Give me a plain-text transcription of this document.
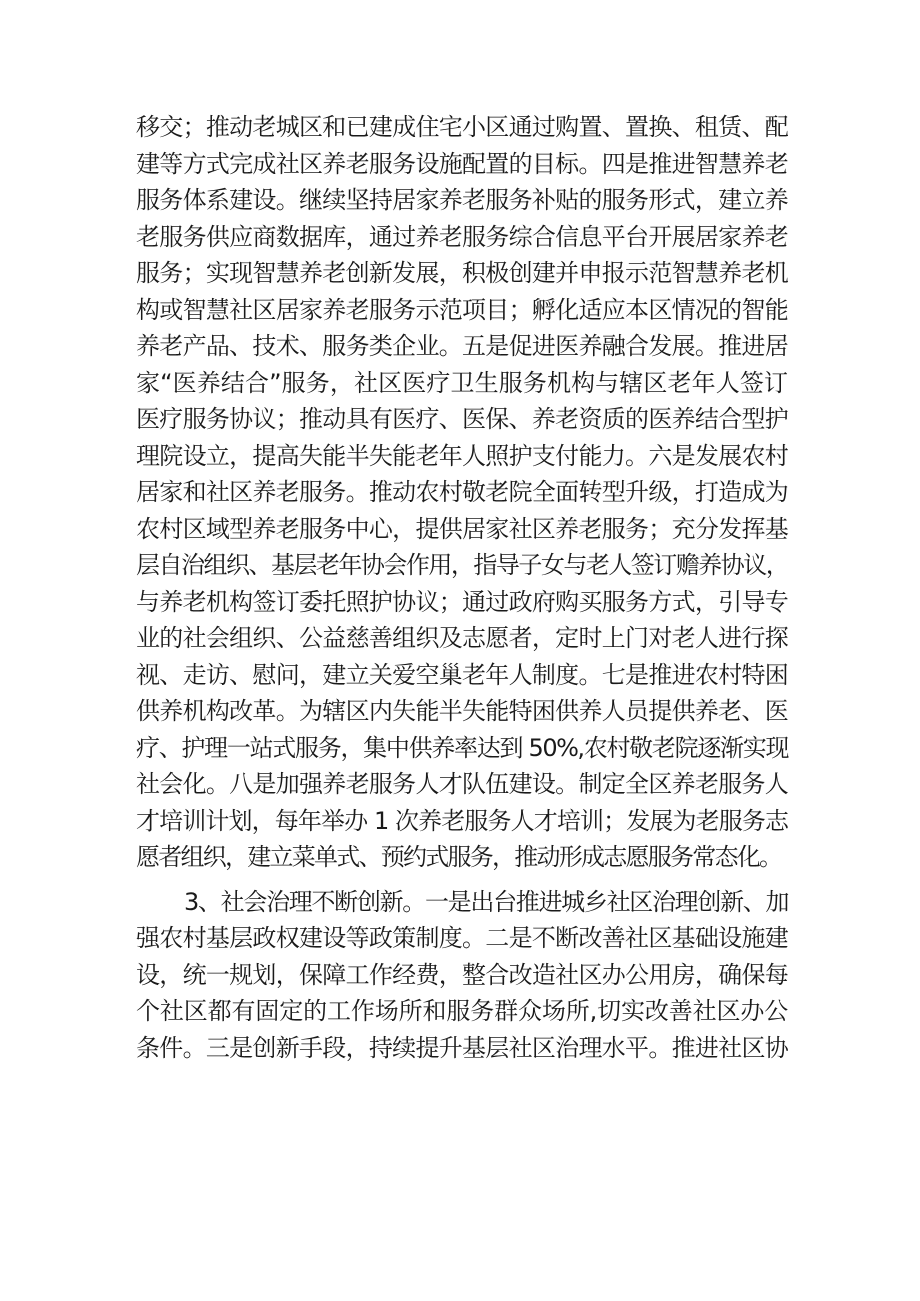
移交；推动老城区和已建成住宅小区通过购置、置换、租赁、配

建等方式完成社区养老服务设施配置的目标。四是推进智慧养老

服务体系建设。继续坚持居家养老服务补贴的服务形式，建立养

老服务供应商数据库，通过养老服务综合信息平台开展居家养老

服务；实现智慧养老创新发展，积极创建并申报示范智慧养老机

构或智慧社区居家养老服务示范项目；孵化适应本区情况的智能

养老产品、技术、服务类企业。五是促进医养融合发展。推进居

家“医养结合”服务，社区医疗卫生服务机构与辖区老年人签订

医疗服务协议；推动具有医疗、医保、养老资质的医养结合型护

理院设立，提高失能半失能老年人照护支付能力。六是发展农村

居家和社区养老服务。推动农村敬老院全面转型升级，打造成为

农村区域型养老服务中心，提供居家社区养老服务；充分发挥基

层自治组织、基层老年协会作用，指导子女与老人签订赡养协议，

与养老机构签订委托照护协议；通过政府购买服务方式，引导专

业的社会组织、公益慈善组织及志愿者，定时上门对老人进行探

视、走访、慰问，建立关爱空巢老年人制度。七是推进农村特困

供养机构改革。为辖区内失能半失能特困供养人员提供养老、医

疗、护理一站式服务，集中供养率达到 50%,农村敬老院逐渐实现

社会化。八是加强养老服务人才队伍建设。制定全区养老服务人

才培训计划，每年举办 1 次养老服务人才培训；发展为老服务志

愿者组织，建立菜单式、预约式服务，推动形成志愿服务常态化。

3、社会治理不断创新。一是出台推进城乡社区治理创新、加

强农村基层政权建设等政策制度。二是不断改善社区基础设施建

设，统一规划，保障工作经费，整合改造社区办公用房，确保每

个社区都有固定的工作场所和服务群众场所,切实改善社区办公

条件。三是创新手段，持续提升基层社区治理水平。推进社区协
